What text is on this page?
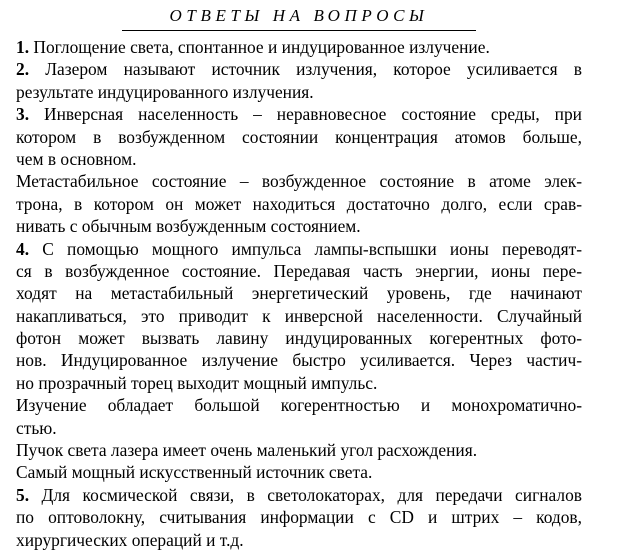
ОТВЕТЫ НА ВОПРОСЫ
1. Поглощение света, спонтанное и индуцированное излучение.
2. Лазером называют источник излучения, которое усиливается в
результате индуцированного излучения.
3. Инверсная населенность – неравновесное состояние среды, при
котором в возбужденном состоянии концентрация атомов больше,
чем в основном.
Метастабильное состояние – возбужденное состояние в атоме элек-
трона, в котором он может находиться достаточно долго, если срав-
нивать с обычным возбужденным состоянием.
4. С помощью мощного импульса лампы-вспышки ионы переводят-
ся в возбужденное состояние. Передавая часть энергии, ионы пере-
ходят на метастабильный энергетический уровень, где начинают
накапливаться, это приводит к инверсной населенности. Случайный
фотон может вызвать лавину индуцированных когерентных фото-
нов. Индуцированное излучение быстро усиливается. Через частич-
но прозрачный торец выходит мощный импульс.
Изучение обладает большой когерентностью и монохроматично-
стью.
Пучок света лазера имеет очень маленький угол расхождения.
Самый мощный искусственный источник света.
5. Для космической связи, в светолокаторах, для передачи сигналов
по оптоволокну, считывания информации с CD и штрих – кодов,
хирургических операций и т.д.
